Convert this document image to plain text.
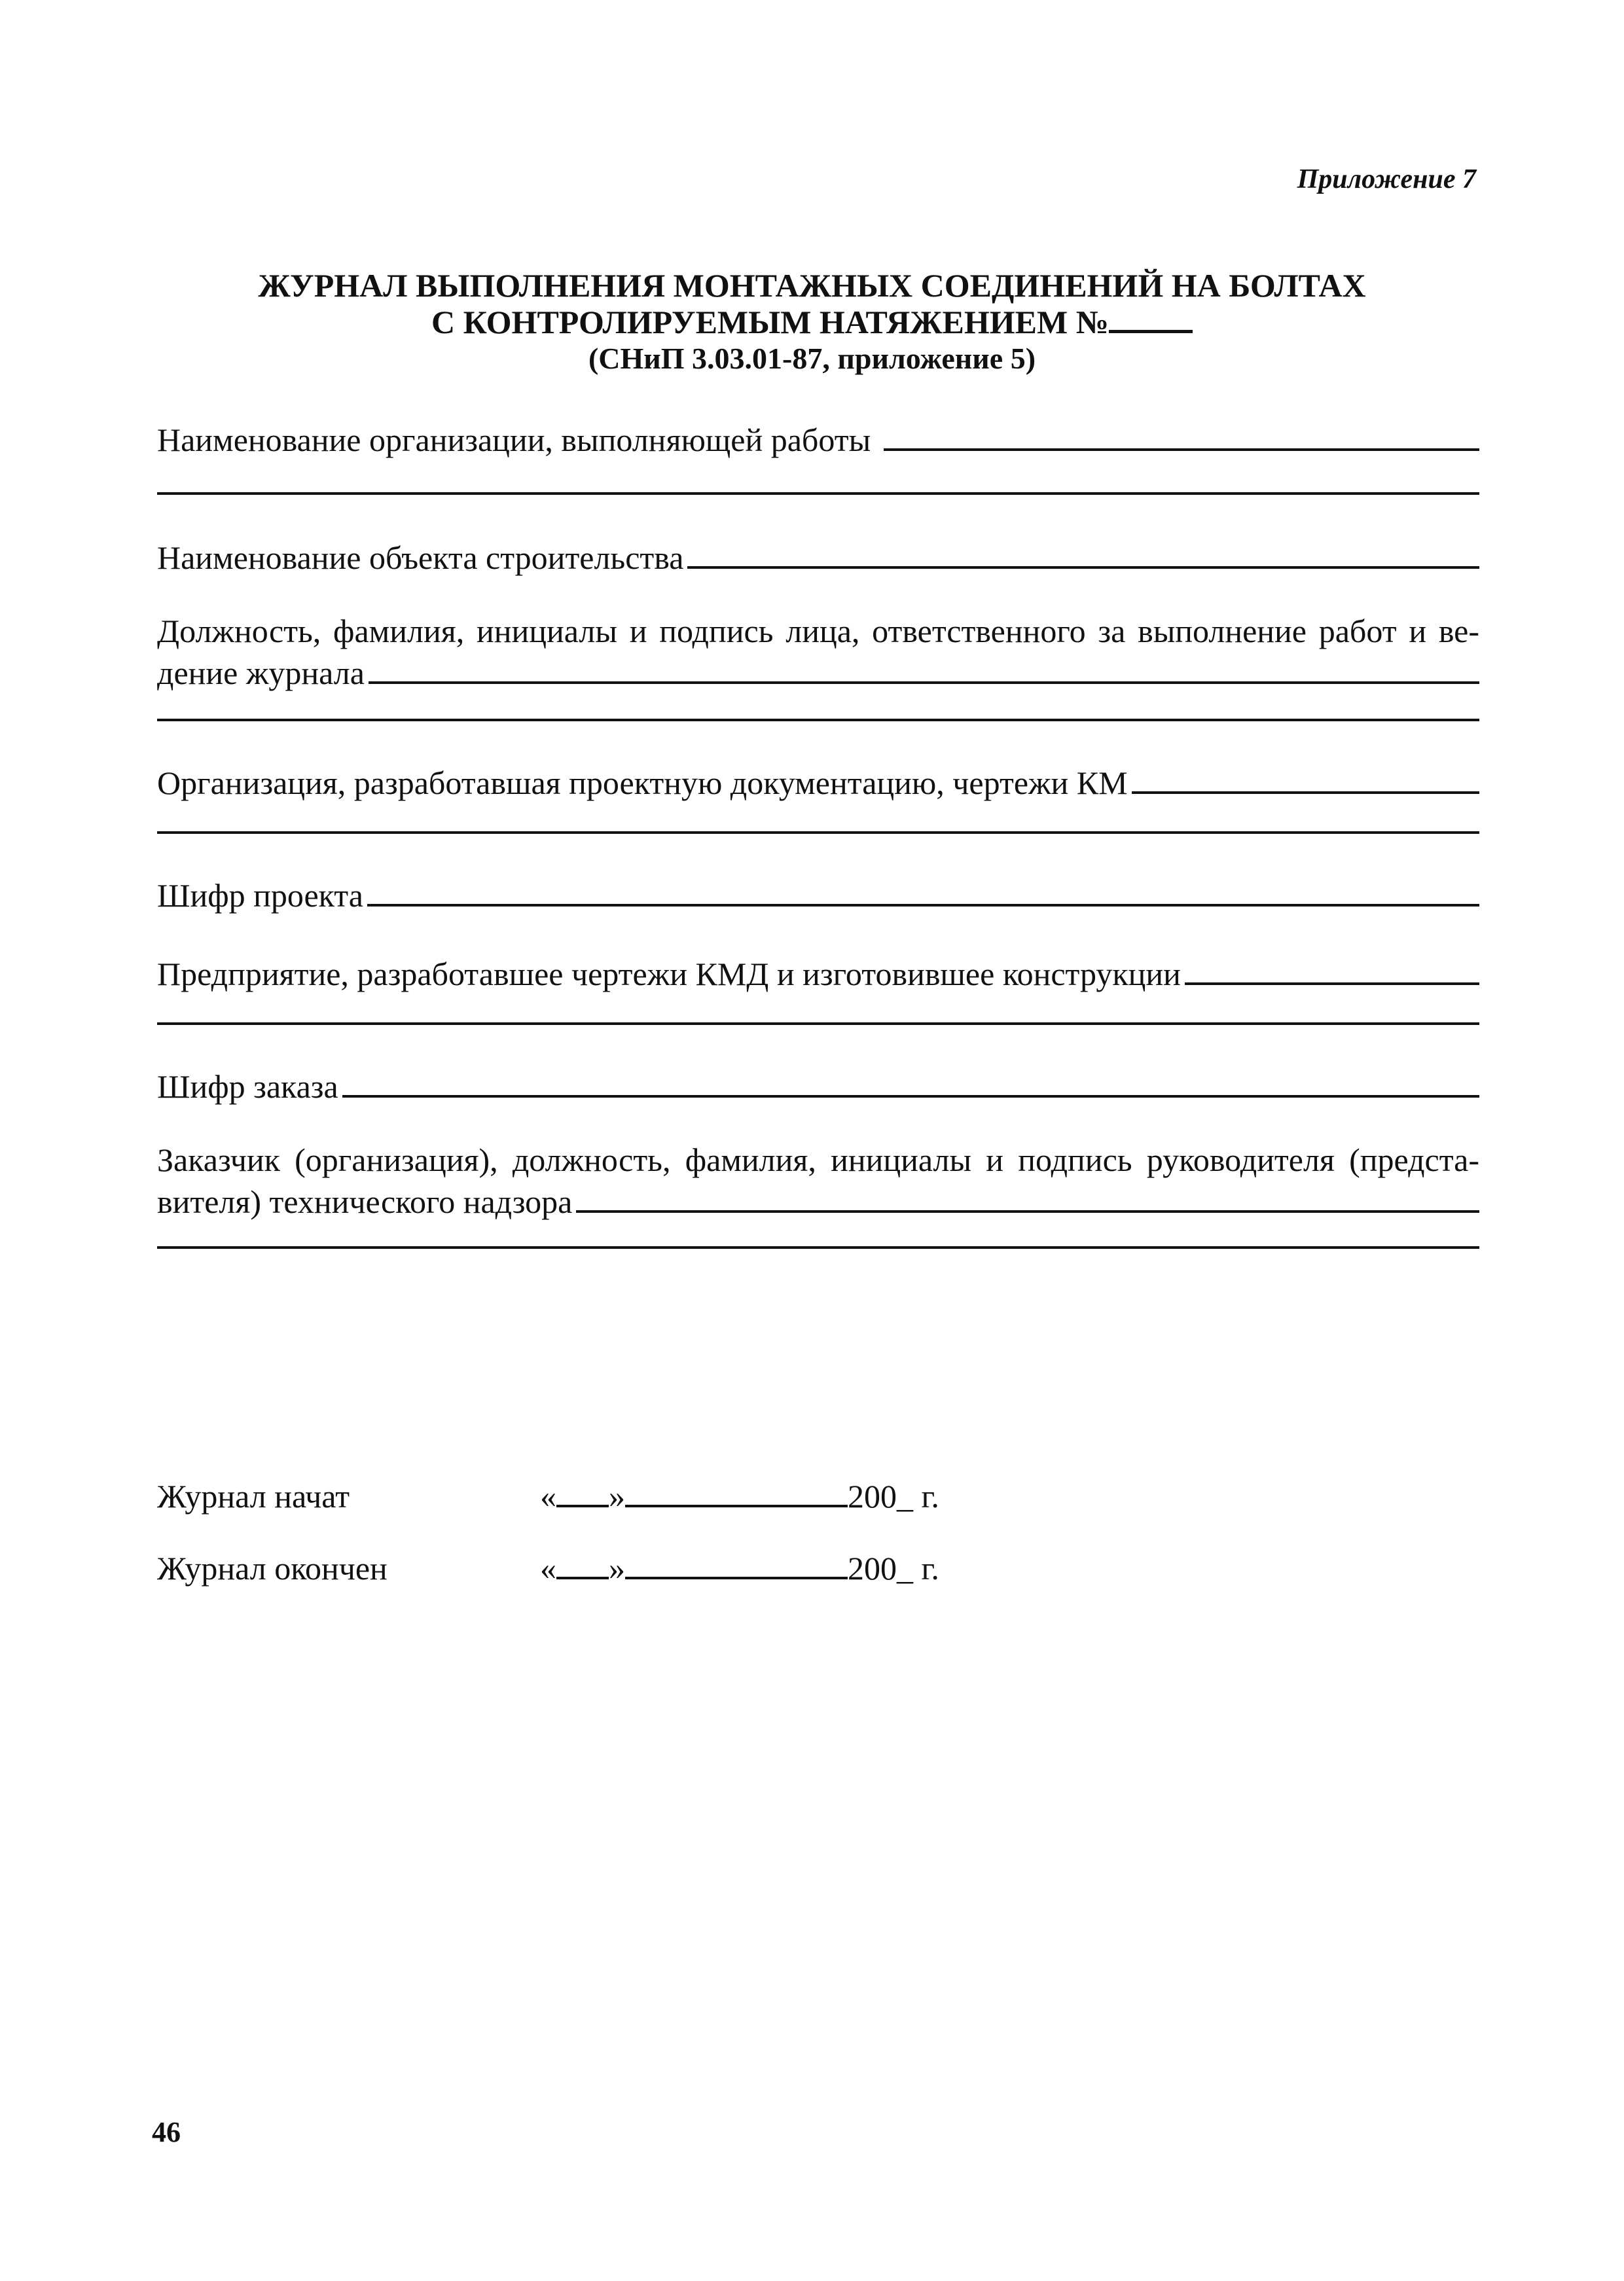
Приложение 7
ЖУРНАЛ ВЫПОЛНЕНИЯ МОНТАЖНЫХ СОЕДИНЕНИЙ НА БОЛТАХ
С КОНТРОЛИРУЕМЫМ НАТЯЖЕНИЕМ №
(СНиП 3.03.01-87, приложение 5)
Наименование организации, выполняющей работы
Наименование объекта строительства
Должность, фамилия, инициалы и подпись лица, ответственного за выполнение работ и ве-
дение журнала
Организация, разработавшая проектную документацию, чертежи КМ
Шифр проекта
Предприятие, разработавшее чертежи КМД и изготовившее конструкции
Шифр заказа
Заказчик (организация), должность, фамилия, инициалы и подпись руководителя (предста-
вителя) технического надзора
Журнал начат	« »	200_ г.
Журнал окончен	« »	200_ г.
46
